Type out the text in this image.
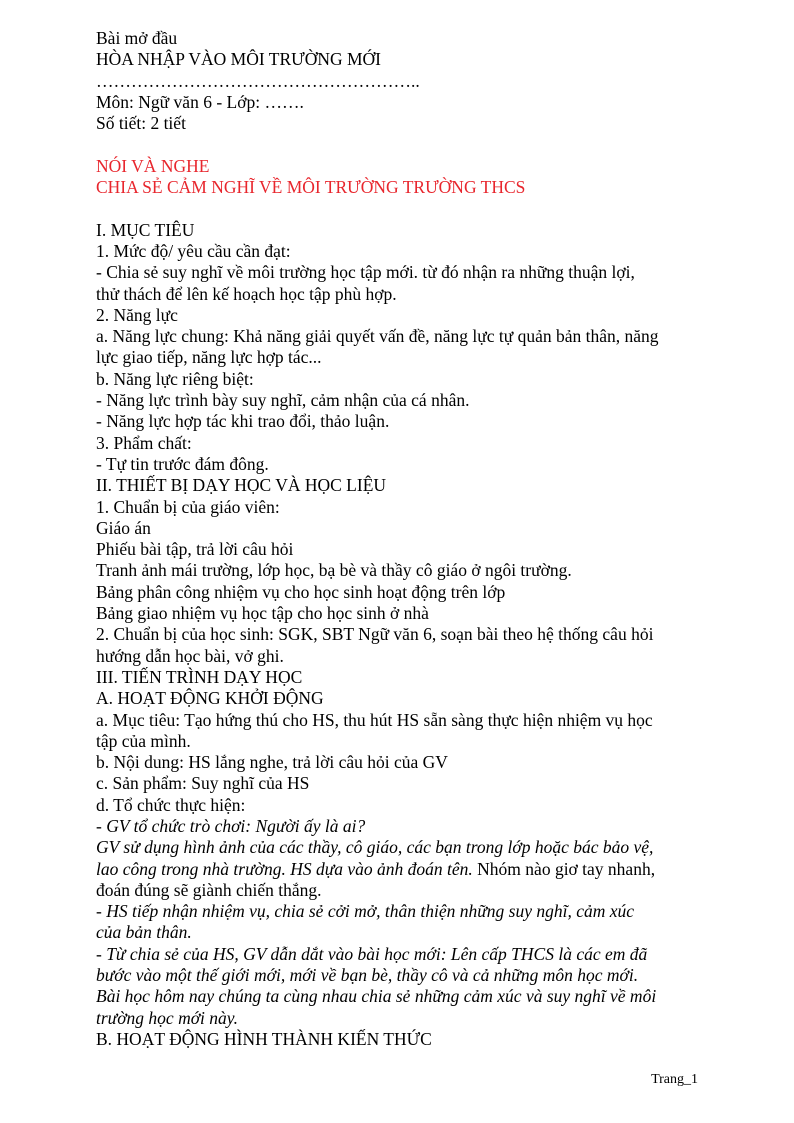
Bài mở đầu
HÒA NHẬP VÀO MÔI TRƯỜNG MỚI
………………………………………………..
Môn: Ngữ văn 6 - Lớp: …….
Số tiết: 2 tiết
NÓI VÀ NGHE
CHIA SẺ CẢM NGHĨ VỀ MÔI TRƯỜNG TRƯỜNG THCS
I. MỤC TIÊU
1. Mức độ/ yêu cầu cần đạt:
- Chia sẻ suy nghĩ về môi trường học tập mới. từ đó nhận ra những thuận lợi,
thử thách để lên kế hoạch học tập phù hợp.
2. Năng lực
a. Năng lực chung: Khả năng giải quyết vấn đề, năng lực tự quản bản thân, năng
lực giao tiếp, năng lực hợp tác...
b. Năng lực riêng biệt:
- Năng lực trình bày suy nghĩ, cảm nhận của cá nhân.
- Năng lực hợp tác khi trao đổi, thảo luận.
3. Phẩm chất:
- Tự tin trước đám đông.
II. THIẾT BỊ DẠY HỌC VÀ HỌC LIỆU
1. Chuẩn bị của giáo viên:
Giáo án
Phiếu bài tập, trả lời câu hỏi
Tranh ảnh mái trường, lớp học, bạ bè và thầy cô giáo ở ngôi trường.
Bảng phân công nhiệm vụ cho học sinh hoạt động trên lớp
Bảng giao nhiệm vụ học tập cho học sinh ở nhà
2. Chuẩn bị của học sinh: SGK, SBT Ngữ văn 6, soạn bài theo hệ thống câu hỏi
hướng dẫn học bài, vở ghi.
III. TIẾN TRÌNH DẠY HỌC
A. HOẠT ĐỘNG KHỞI ĐỘNG
a. Mục tiêu: Tạo hứng thú cho HS, thu hút HS sẵn sàng thực hiện nhiệm vụ học
tập của mình.
b. Nội dung: HS lắng nghe, trả lời câu hỏi của GV
c. Sản phẩm: Suy nghĩ của HS
d. Tổ chức thực hiện:
- GV tổ chức trò chơi: Người ấy là ai?
GV sử dụng hình ảnh của các thầy, cô giáo, các bạn trong lớp hoặc bác bảo vệ,
lao công trong nhà trường. HS dựa vào ảnh đoán tên. Nhóm nào giơ tay nhanh,
đoán đúng sẽ giành chiến thắng.
- HS tiếp nhận nhiệm vụ, chia sẻ cởi mở, thân thiện những suy nghĩ, cảm xúc
của bản thân.
- Từ chia sẻ của HS, GV dẫn dắt vào bài học mới: Lên cấp THCS là các em đã
bước vào một thế giới mới, mới về bạn bè, thầy cô và cả những môn học mới.
Bài học hôm nay chúng ta cùng nhau chia sẻ những cảm xúc và suy nghĩ về môi
trường học mới này.
B. HOẠT ĐỘNG HÌNH THÀNH KIẾN THỨC
Trang_1
